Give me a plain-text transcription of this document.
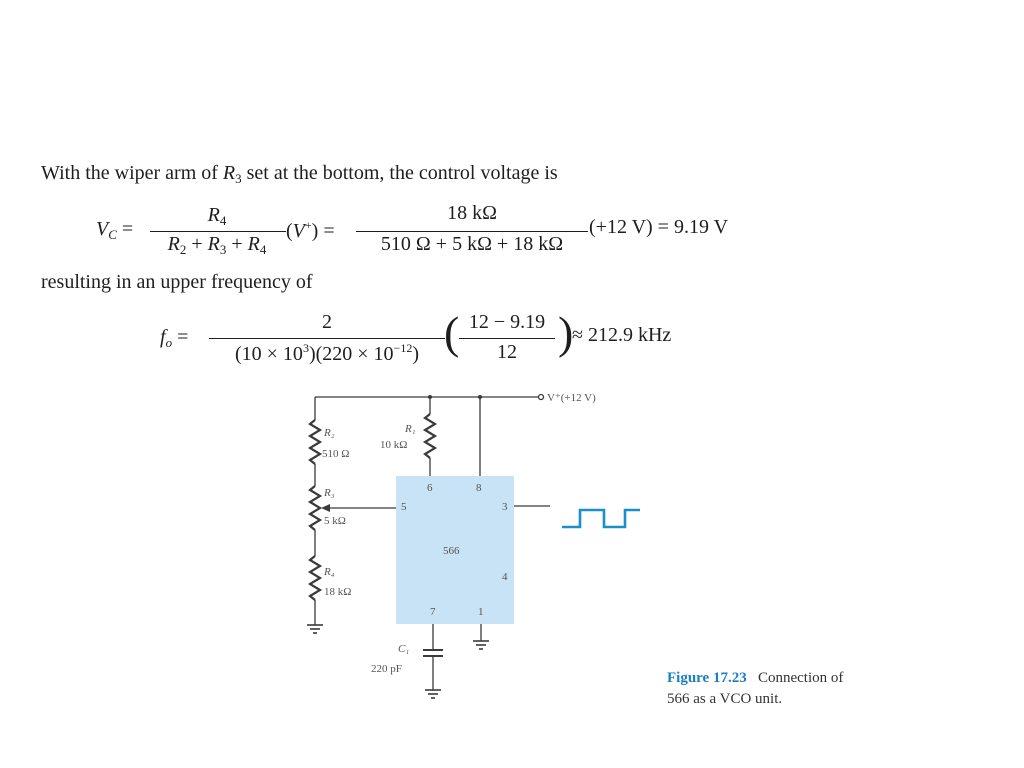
With the wiper arm of $R_3$ set at the bottom, the control voltage is
$V_C$ =
$R_4$
$R_2 + R_3 + R_4$
(V+) =
18 kΩ
510 Ω + 5 kΩ + 18 kΩ
(+12 V) = 9.19 V
resulting in an upper frequency of
$f_o$ =
2
$(10 \times 10^3)(220 \times 10^{-12})$ ( 12 − 9.19
12 )
≈ 212.9 kHz
V⁺(+12 V)
R₂
510 Ω
R₁
10 kΩ
R₃
5 kΩ
R₄
18 kΩ
5
6	8
3
566
4
7	1
C₁
220 pF
Figure 17.23 Connection of
566 as a VCO unit.
